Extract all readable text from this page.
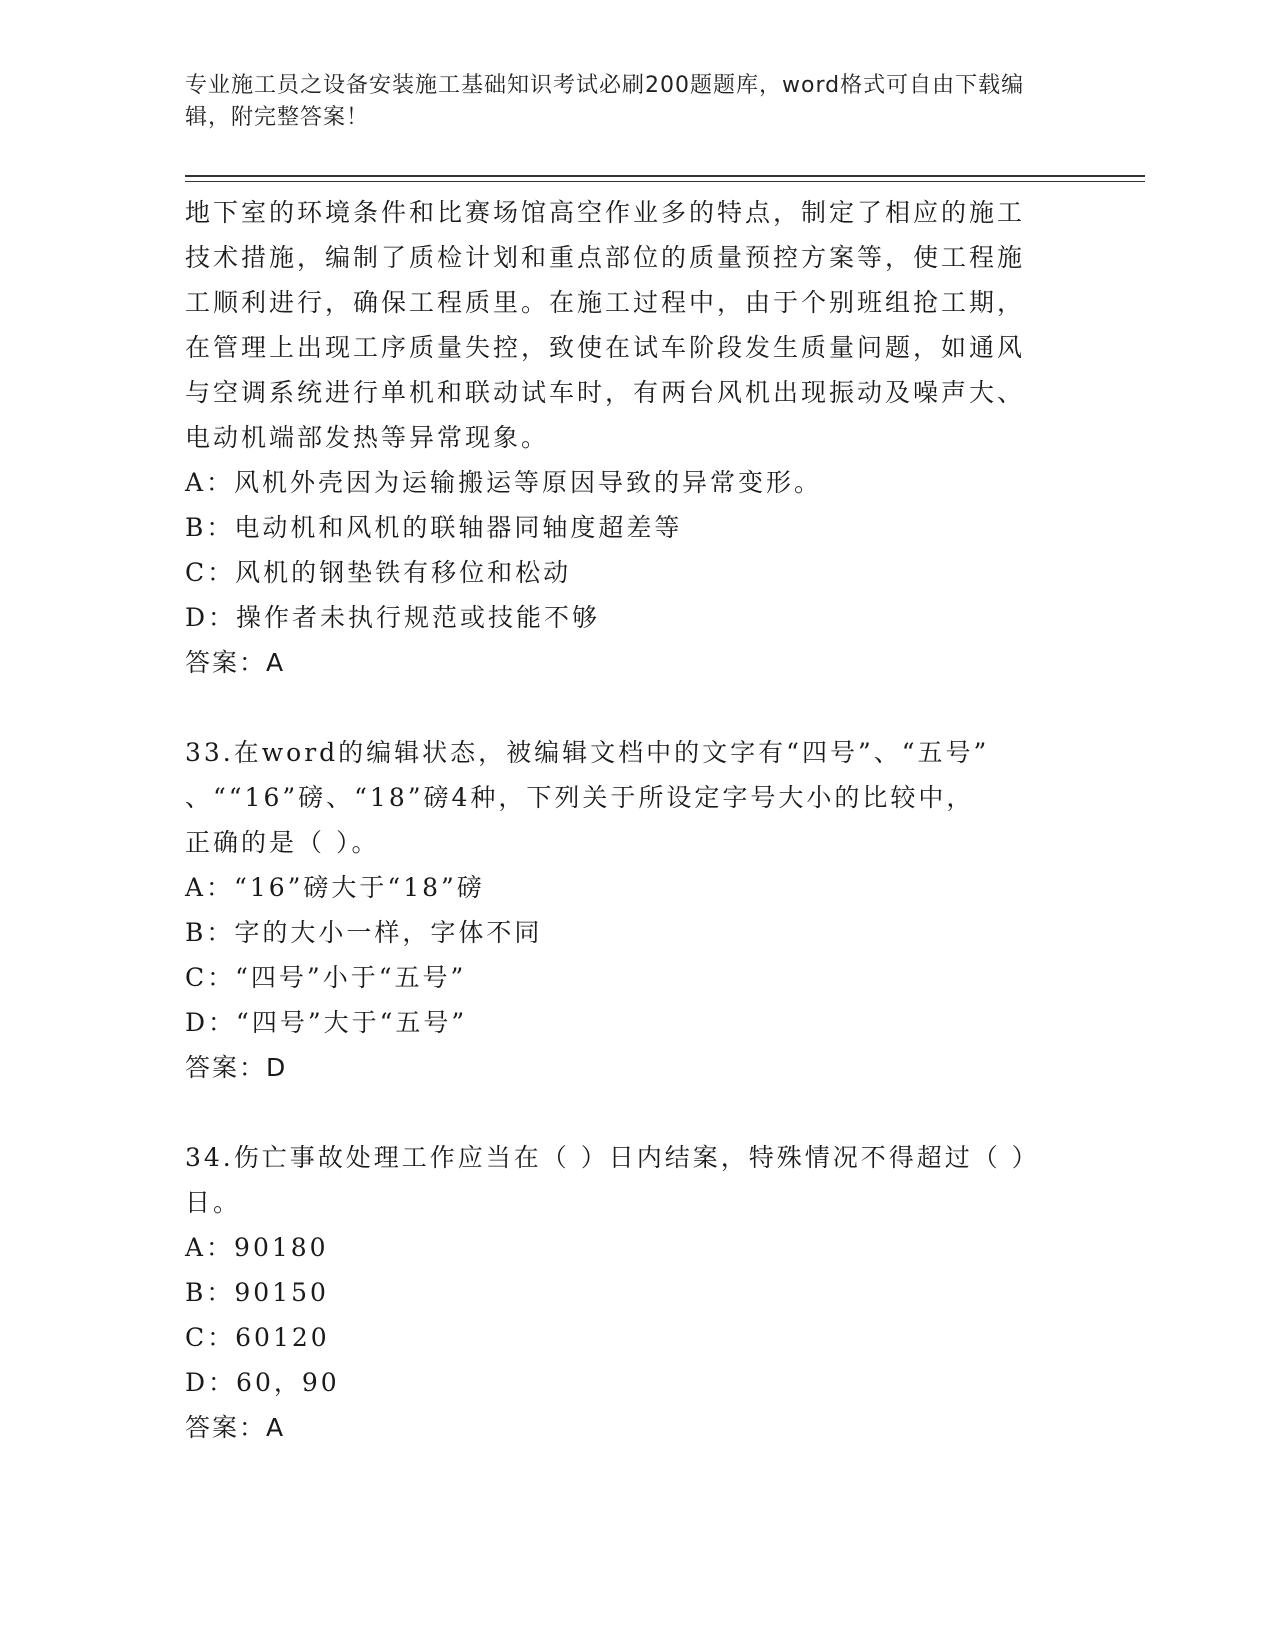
专业施工员之设备安装施工基础知识考试必刷200题题库，word格式可自由下载编辑，附完整答案！

地下室的环境条件和比赛场馆高空作业多的特点，制定了相应的施工

技术措施，编制了质检计划和重点部位的质量预控方案等，使工程施

工顺利进行，确保工程质里。在施工过程中，由于个别班组抢工期，

在管理上出现工序质量失控，致使在试车阶段发生质量问题，如通风

与空调系统进行单机和联动试车时，有两台风机出现振动及噪声大、

电动机端部发热等异常现象。

A：风机外壳因为运输搬运等原因导致的异常变形。

B：电动机和风机的联轴器同轴度超差等

C：风机的钢垫铁有移位和松动

D：操作者未执行规范或技能不够

答案：A

33.在word的编辑状态，被编辑文档中的文字有“四号”、“五号”

、““16”磅、“18”磅4种，下列关于所设定字号大小的比较中，

正确的是（ ）。

A：“16”磅大于“18”磅

B：字的大小一样，字体不同

C：“四号”小于“五号”

D：“四号”大于“五号”

答案：D

34.伤亡事故处理工作应当在（ ）日内结案，特殊情况不得超过（ ）

日。

A：90180

B：90150

C：60120

D：60，90

答案：A
